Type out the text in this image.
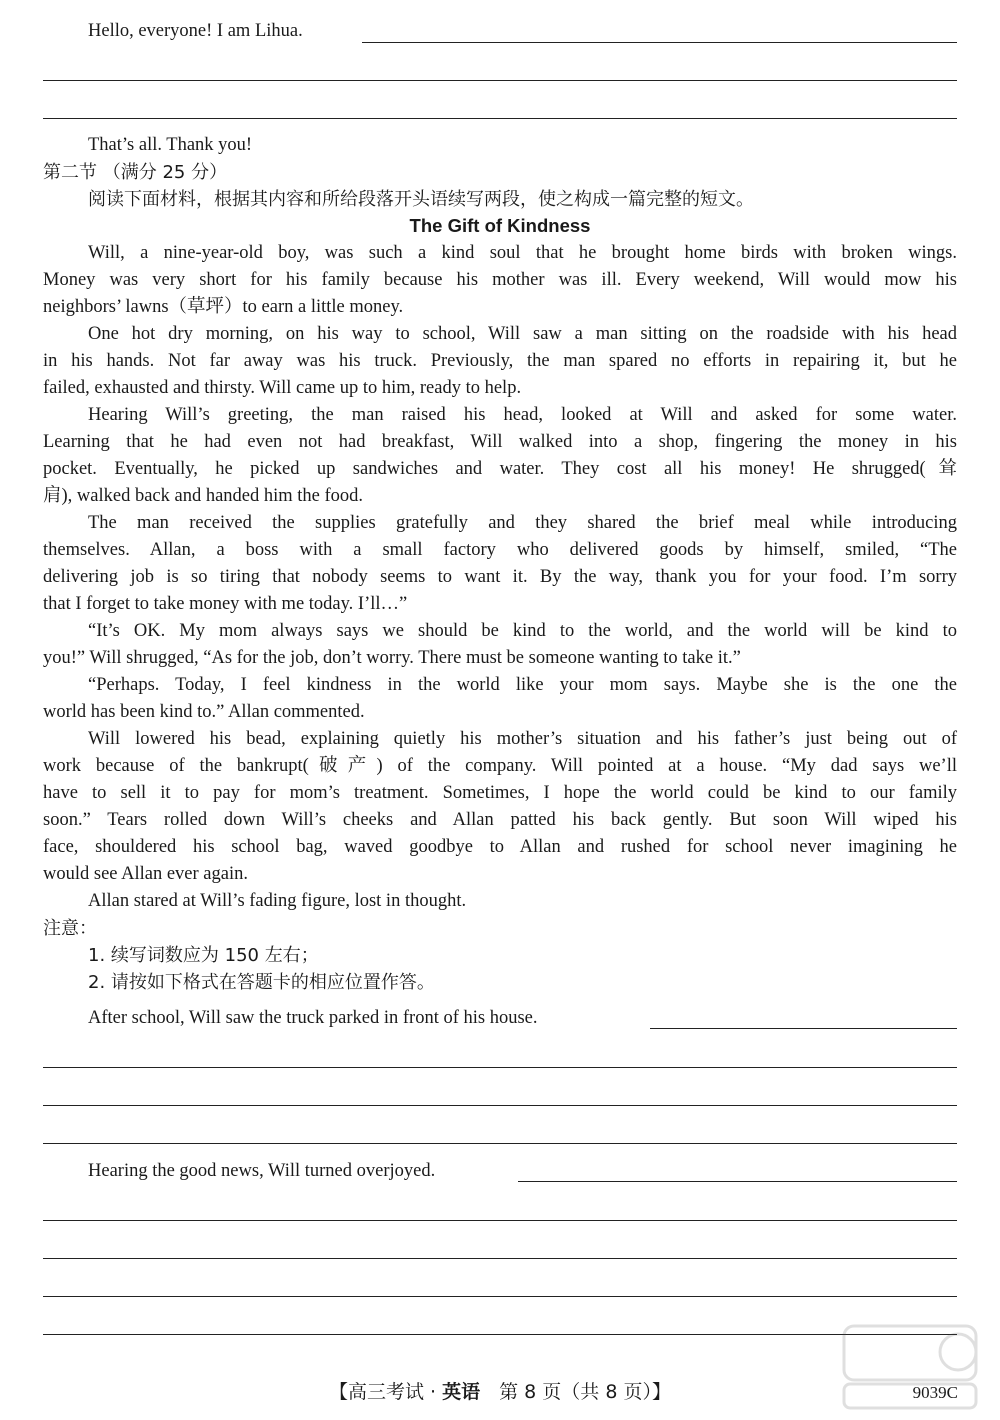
Hello, everyone! I am Lihua.
That’s all. Thank you!
第二节 （满分 25 分）
阅读下面材料，根据其内容和所给段落开头语续写两段，使之构成一篇完整的短文。
The Gift of Kindness
Will, a nine-year-old boy, was such a kind soul that he brought home birds with broken wings.
Money was very short for his family because his mother was ill. Every weekend, Will would mow his
neighbors’ lawns（草坪）to earn a little money.
One hot dry morning, on his way to school, Will saw a man sitting on the roadside with his head
in his hands. Not far away was his truck. Previously, the man spared no efforts in repairing it, but he
failed, exhausted and thirsty. Will came up to him, ready to help.
Hearing Will’s greeting, the man raised his head, looked at Will and asked for some water.
Learning that he had even not had breakfast, Will walked into a shop, fingering the money in his
pocket. Eventually, he picked up sandwiches and water. They cost all his money! He shrugged(耸
肩), walked back and handed him the food.
The man received the supplies gratefully and they shared the brief meal while introducing
themselves. Allan, a boss with a small factory who delivered goods by himself, smiled, “The
delivering job is so tiring that nobody seems to want it. By the way, thank you for your food. I’m sorry
that I forget to take money with me today. I’ll…”
“It’s OK. My mom always says we should be kind to the world, and the world will be kind to
you!” Will shrugged, “As for the job, don’t worry. There must be someone wanting to take it.”
“Perhaps. Today, I feel kindness in the world like your mom says. Maybe she is the one the
world has been kind to.” Allan commented.
Will lowered his bead, explaining quietly his mother’s situation and his father’s just being out of
work because of the bankrupt(破产) of the company. Will pointed at a house. “My dad says we’ll
have to sell it to pay for mom’s treatment. Sometimes, I hope the world could be kind to our family
soon.” Tears rolled down Will’s cheeks and Allan patted his back gently. But soon Will wiped his
face, shouldered his school bag, waved goodbye to Allan and rushed for school never imagining he
would see Allan ever again.
Allan stared at Will’s fading figure, lost in thought.
注意：
1. 续写词数应为 150 左右；
2. 请按如下格式在答题卡的相应位置作答。
After school, Will saw the truck parked in front of his house.
Hearing the good news, Will turned overjoyed.
【高三考试 · 英语　第 8 页（共 8 页）】	9039C
